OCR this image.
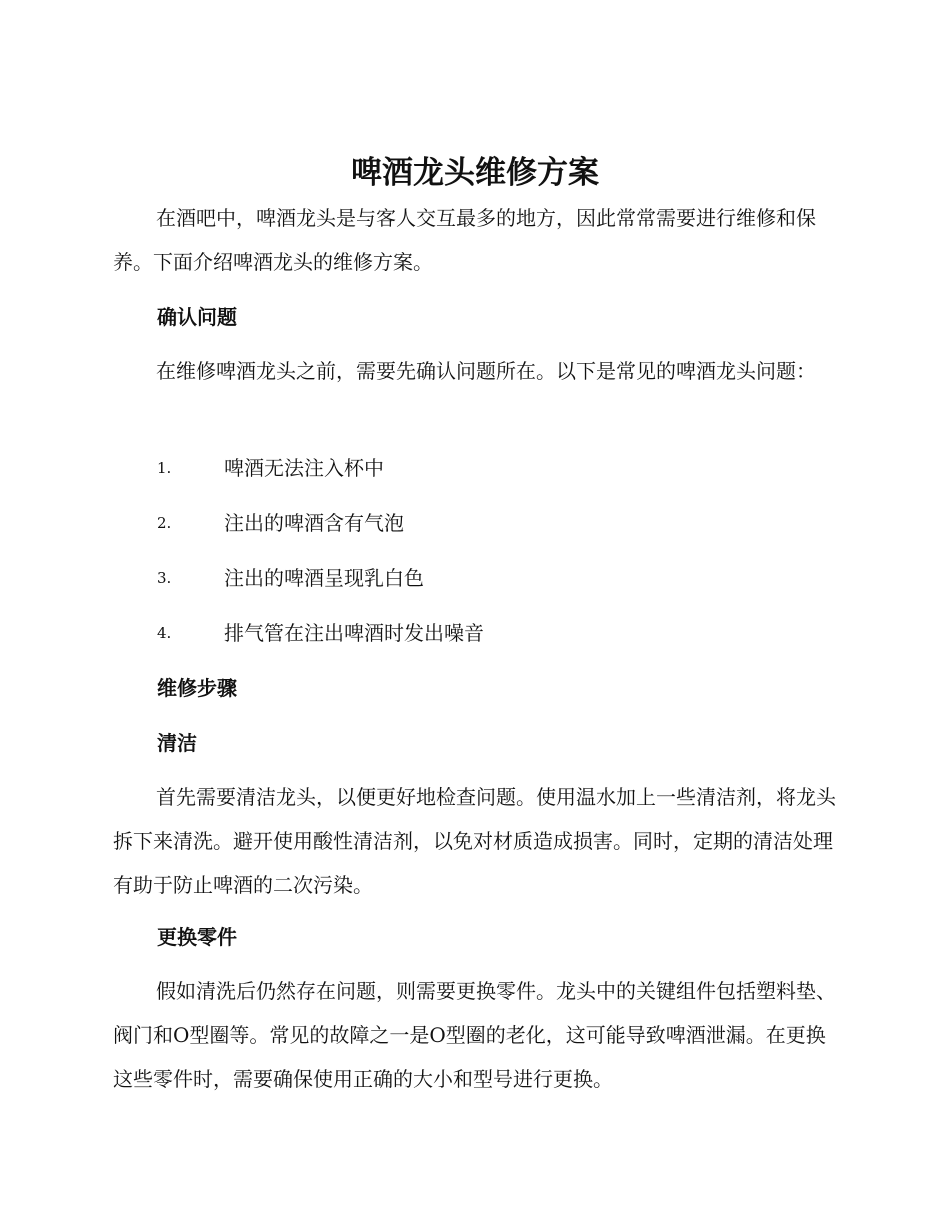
啤酒龙头维修方案

在酒吧中，啤酒龙头是与客人交互最多的地方，因此常常需要进行维修和保养。下面介绍啤酒龙头的维修方案。

确认问题

在维修啤酒龙头之前，需要先确认问题所在。以下是常见的啤酒龙头问题：

1.	啤酒无法注入杯中
2.	注出的啤酒含有气泡
3.	注出的啤酒呈现乳白色
4.	排气管在注出啤酒时发出噪音
维修步骤
清洁

首先需要清洁龙头，以便更好地检查问题。使用温水加上一些清洁剂，将龙头拆下来清洗。避开使用酸性清洁剂，以免对材质造成损害。同时，定期的清洁处理有助于防止啤酒的二次污染。

更换零件

假如清洗后仍然存在问题，则需要更换零件。龙头中的关键组件包括塑料垫、阀门和O型圈等。常见的故障之一是O型圈的老化，这可能导致啤酒泄漏。在更换这些零件时，需要确保使用正确的大小和型号进行更换。
